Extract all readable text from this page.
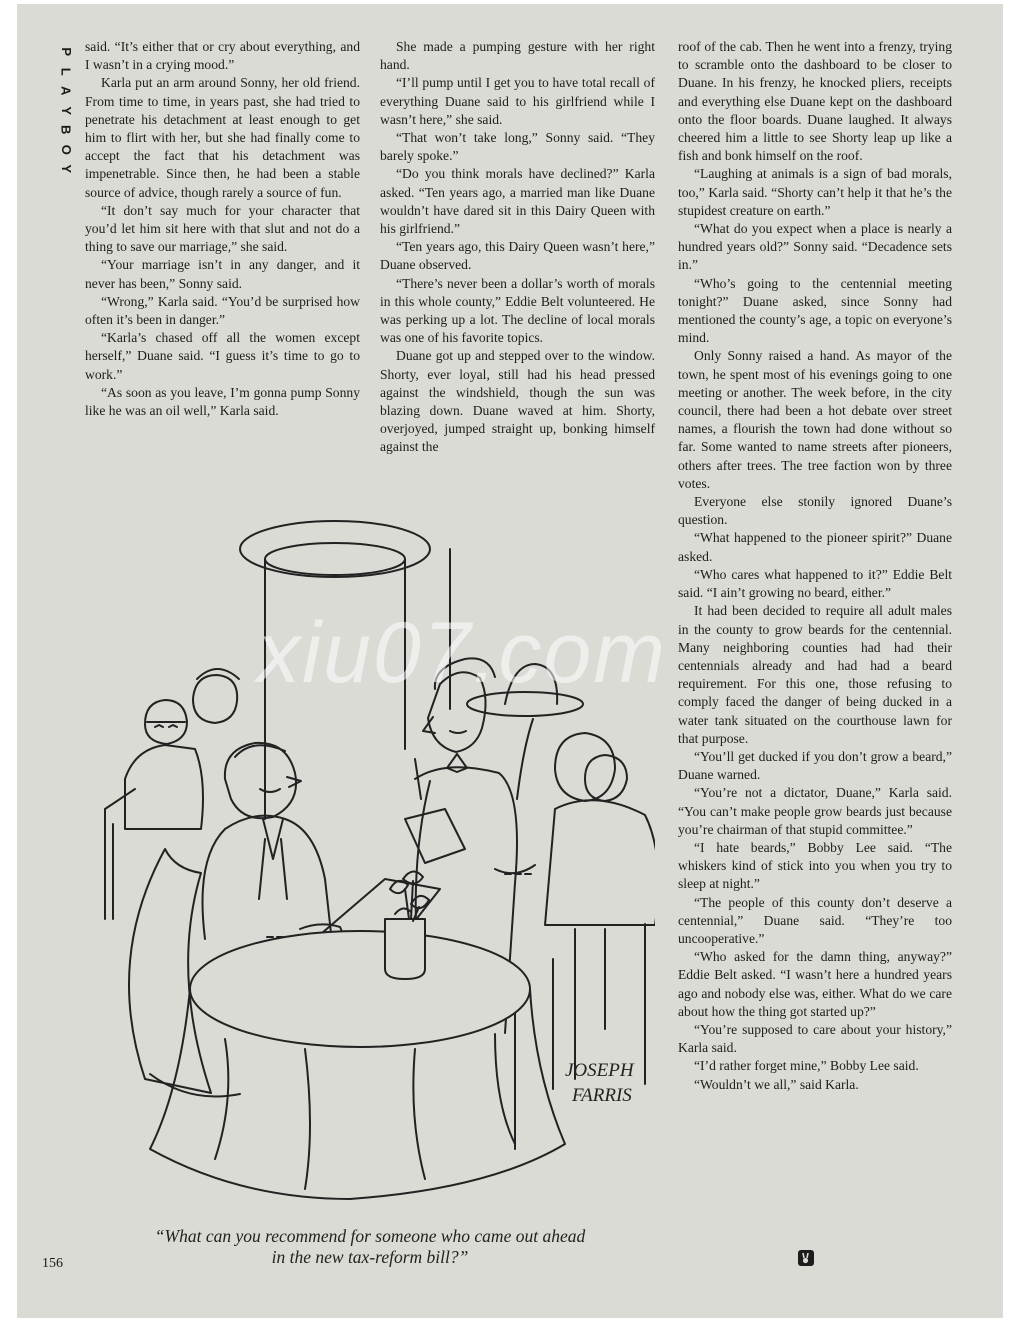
P
L
A
Y
B
O
Y

said. “It’s either that or cry about everything, and I wasn’t in a crying mood.”

Karla put an arm around Sonny, her old friend. From time to time, in years past, she had tried to penetrate his detachment at least enough to get him to flirt with her, but she had finally come to accept the fact that his detachment was impenetrable. Since then, he had been a stable source of advice, though rarely a source of fun.

“It don’t say much for your character that you’d let him sit here with that slut and not do a thing to save our marriage,” she said.

“Your marriage isn’t in any danger, and it never has been,” Sonny said.

“Wrong,” Karla said. “You’d be surprised how often it’s been in danger.”

“Karla’s chased off all the women except herself,” Duane said. “I guess it’s time to go to work.”

“As soon as you leave, I’m gonna pump Sonny like he was an oil well,” Karla said.

She made a pumping gesture with her right hand.

“I’ll pump until I get you to have total recall of everything Duane said to his girlfriend while I wasn’t here,” she said.

“That won’t take long,” Sonny said. “They barely spoke.”

“Do you think morals have declined?” Karla asked. “Ten years ago, a married man like Duane wouldn’t have dared sit in this Dairy Queen with his girlfriend.”

“Ten years ago, this Dairy Queen wasn’t here,” Duane observed.

“There’s never been a dollar’s worth of morals in this whole county,” Eddie Belt volunteered. He was perking up a lot. The decline of local morals was one of his favorite topics.

Duane got up and stepped over to the window. Shorty, ever loyal, still had his head pressed against the windshield, though the sun was blazing down. Duane waved at him. Shorty, overjoyed, jumped straight up, bonking himself against the

roof of the cab. Then he went into a frenzy, trying to scramble onto the dashboard to be closer to Duane. In his frenzy, he knocked pliers, receipts and everything else Duane kept on the dashboard onto the floor boards. Duane laughed. It always cheered him a little to see Shorty leap up like a fish and bonk himself on the roof.

“Laughing at animals is a sign of bad morals, too,” Karla said. “Shorty can’t help it that he’s the stupidest creature on earth.”

“What do you expect when a place is nearly a hundred years old?” Sonny said. “Decadence sets in.”

“Who’s going to the centennial meeting tonight?” Duane asked, since Sonny had mentioned the county’s age, a topic on everyone’s mind.

Only Sonny raised a hand. As mayor of the town, he spent most of his evenings going to one meeting or another. The week before, in the city council, there had been a hot debate over street names, a flourish the town had done without so far. Some wanted to name streets after pioneers, others after trees. The tree faction won by three votes.

Everyone else stonily ignored Duane’s question.

“What happened to the pioneer spirit?” Duane asked.

“Who cares what happened to it?” Eddie Belt said. “I ain’t growing no beard, either.”

It had been decided to require all adult males in the county to grow beards for the centennial. Many neighboring counties had had their centennials already and had had a beard requirement. For this one, those refusing to comply faced the danger of being ducked in a water tank situated on the courthouse lawn for that purpose.

“You’ll get ducked if you don’t grow a beard,” Duane warned.

“You’re not a dictator, Duane,” Karla said. “You can’t make people grow beards just because you’re chairman of that stupid committee.”

“I hate beards,” Bobby Lee said. “The whiskers kind of stick into you when you try to sleep at night.”

“The people of this county don’t deserve a centennial,” Duane said. “They’re too uncooperative.”

“Who asked for the damn thing, anyway?” Eddie Belt asked. “I wasn’t here a hundred years ago and nobody else was, either. What do we care about how the thing got started up?”

“You’re supposed to care about your history,” Karla said.

“I’d rather forget mine,” Bobby Lee said.

“Wouldn’t we all,” said Karla.

JOSEPH
FARRIS
“What can you recommend for someone who came out ahead
in the new tax-reform bill?”
156
xiu07.com
